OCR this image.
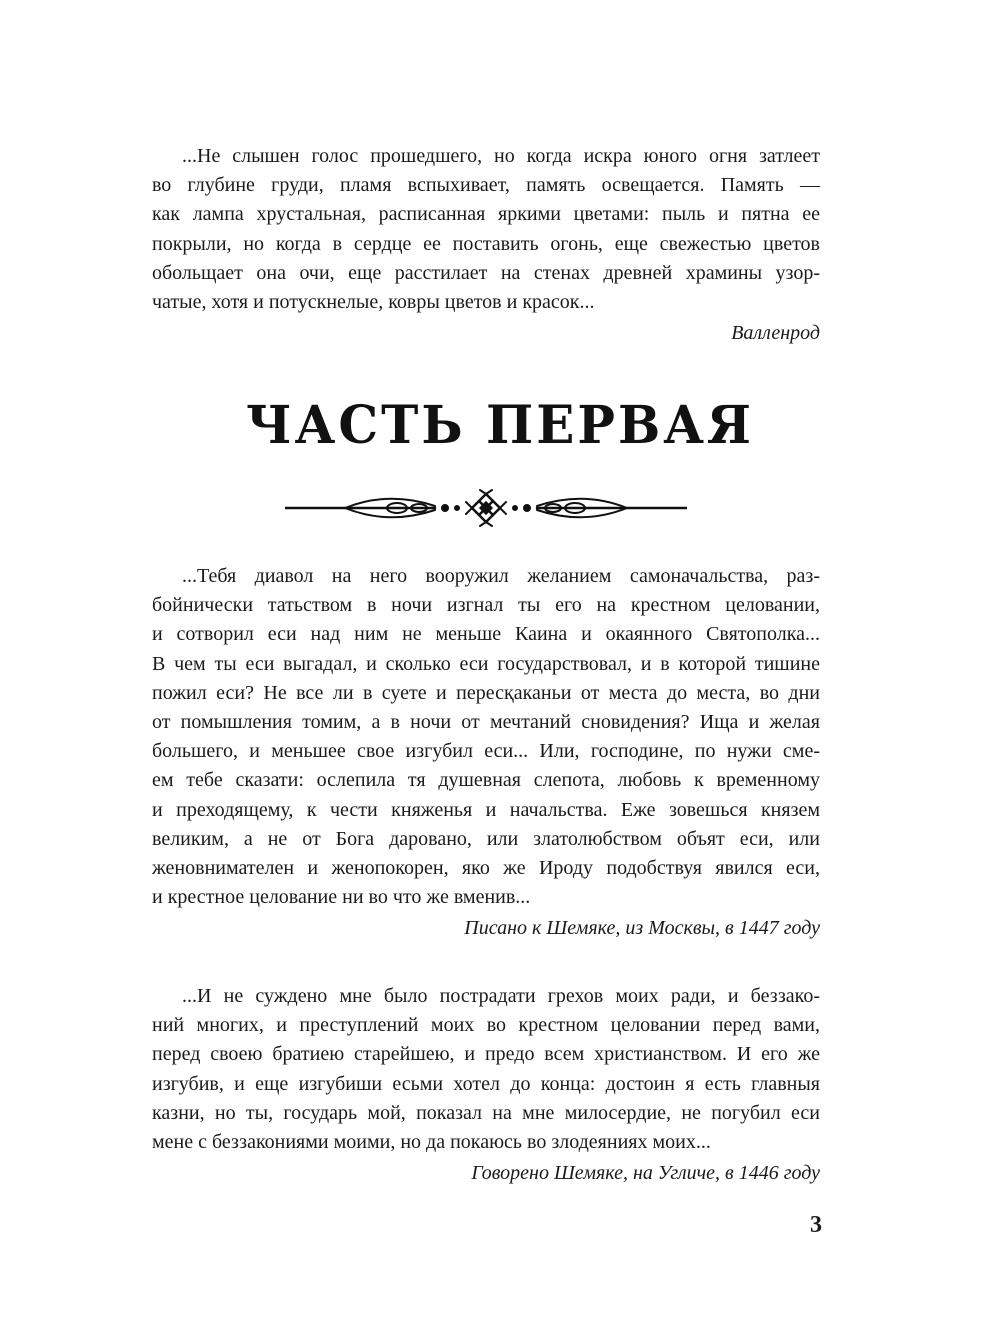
...Не слышен голос прошедшего, но когда искра юного огня затлеет
во глубине груди, пламя вспыхивает, память освещается. Память —
как лампа хрустальная, расписанная яркими цветами: пыль и пятна ее
покрыли, но когда в сердце ее поставить огонь, еще свежестью цветов
обольщает она очи, еще расстилает на стенах древней храмины узор-
чатые, хотя и потускнелые, ковры цветов и красок...
Валленрод
ЧАСТЬ ПЕРВАЯ
...Тебя диавол на него вооружил желанием самоначальства, раз-
бойнически татьством в ночи изгнал ты его на крестном целовании,
и сотворил еси над ним не меньше Каина и окаянного Святополка...
В чем ты еси выгадал, и сколько еси государствовал, и в которой тишине
пожил еси? Не все ли в суете и пересқаканьи от места до места, во дни
от помышления томим, а в ночи от мечтаний сновидения? Ища и желая
большего, и меньшее свое изгубил еси... Или, господине, по нужи сме-
ем тебе сказати: ослепила тя душевная слепота, любовь к временному
и преходящему, к чести княженья и начальства. Еже зовешься князем
великим, а не от Бога даровано, или златолюбством объят еси, или
женовнимателен и женопокорен, яко же Ироду подобствуя явился еси,
и крестное целование ни во что же вменив...
Писано к Шемяке, из Москвы, в 1447 году
...И не суждено мне было пострадати грехов моих ради, и беззако-
ний многих, и преступлений моих во крестном целовании перед вами,
перед своею братиею старейшею, и предо всем христианством. И его же
изгубив, и еще изгубиши есьми хотел до конца: достоин я есть главныя
казни, но ты, государь мой, показал на мне милосердие, не погубил еси
мене с беззакониями моими, но да покаюсь во злодеяниях моих...
Говорено Шемяке, на Угличе, в 1446 году
3
